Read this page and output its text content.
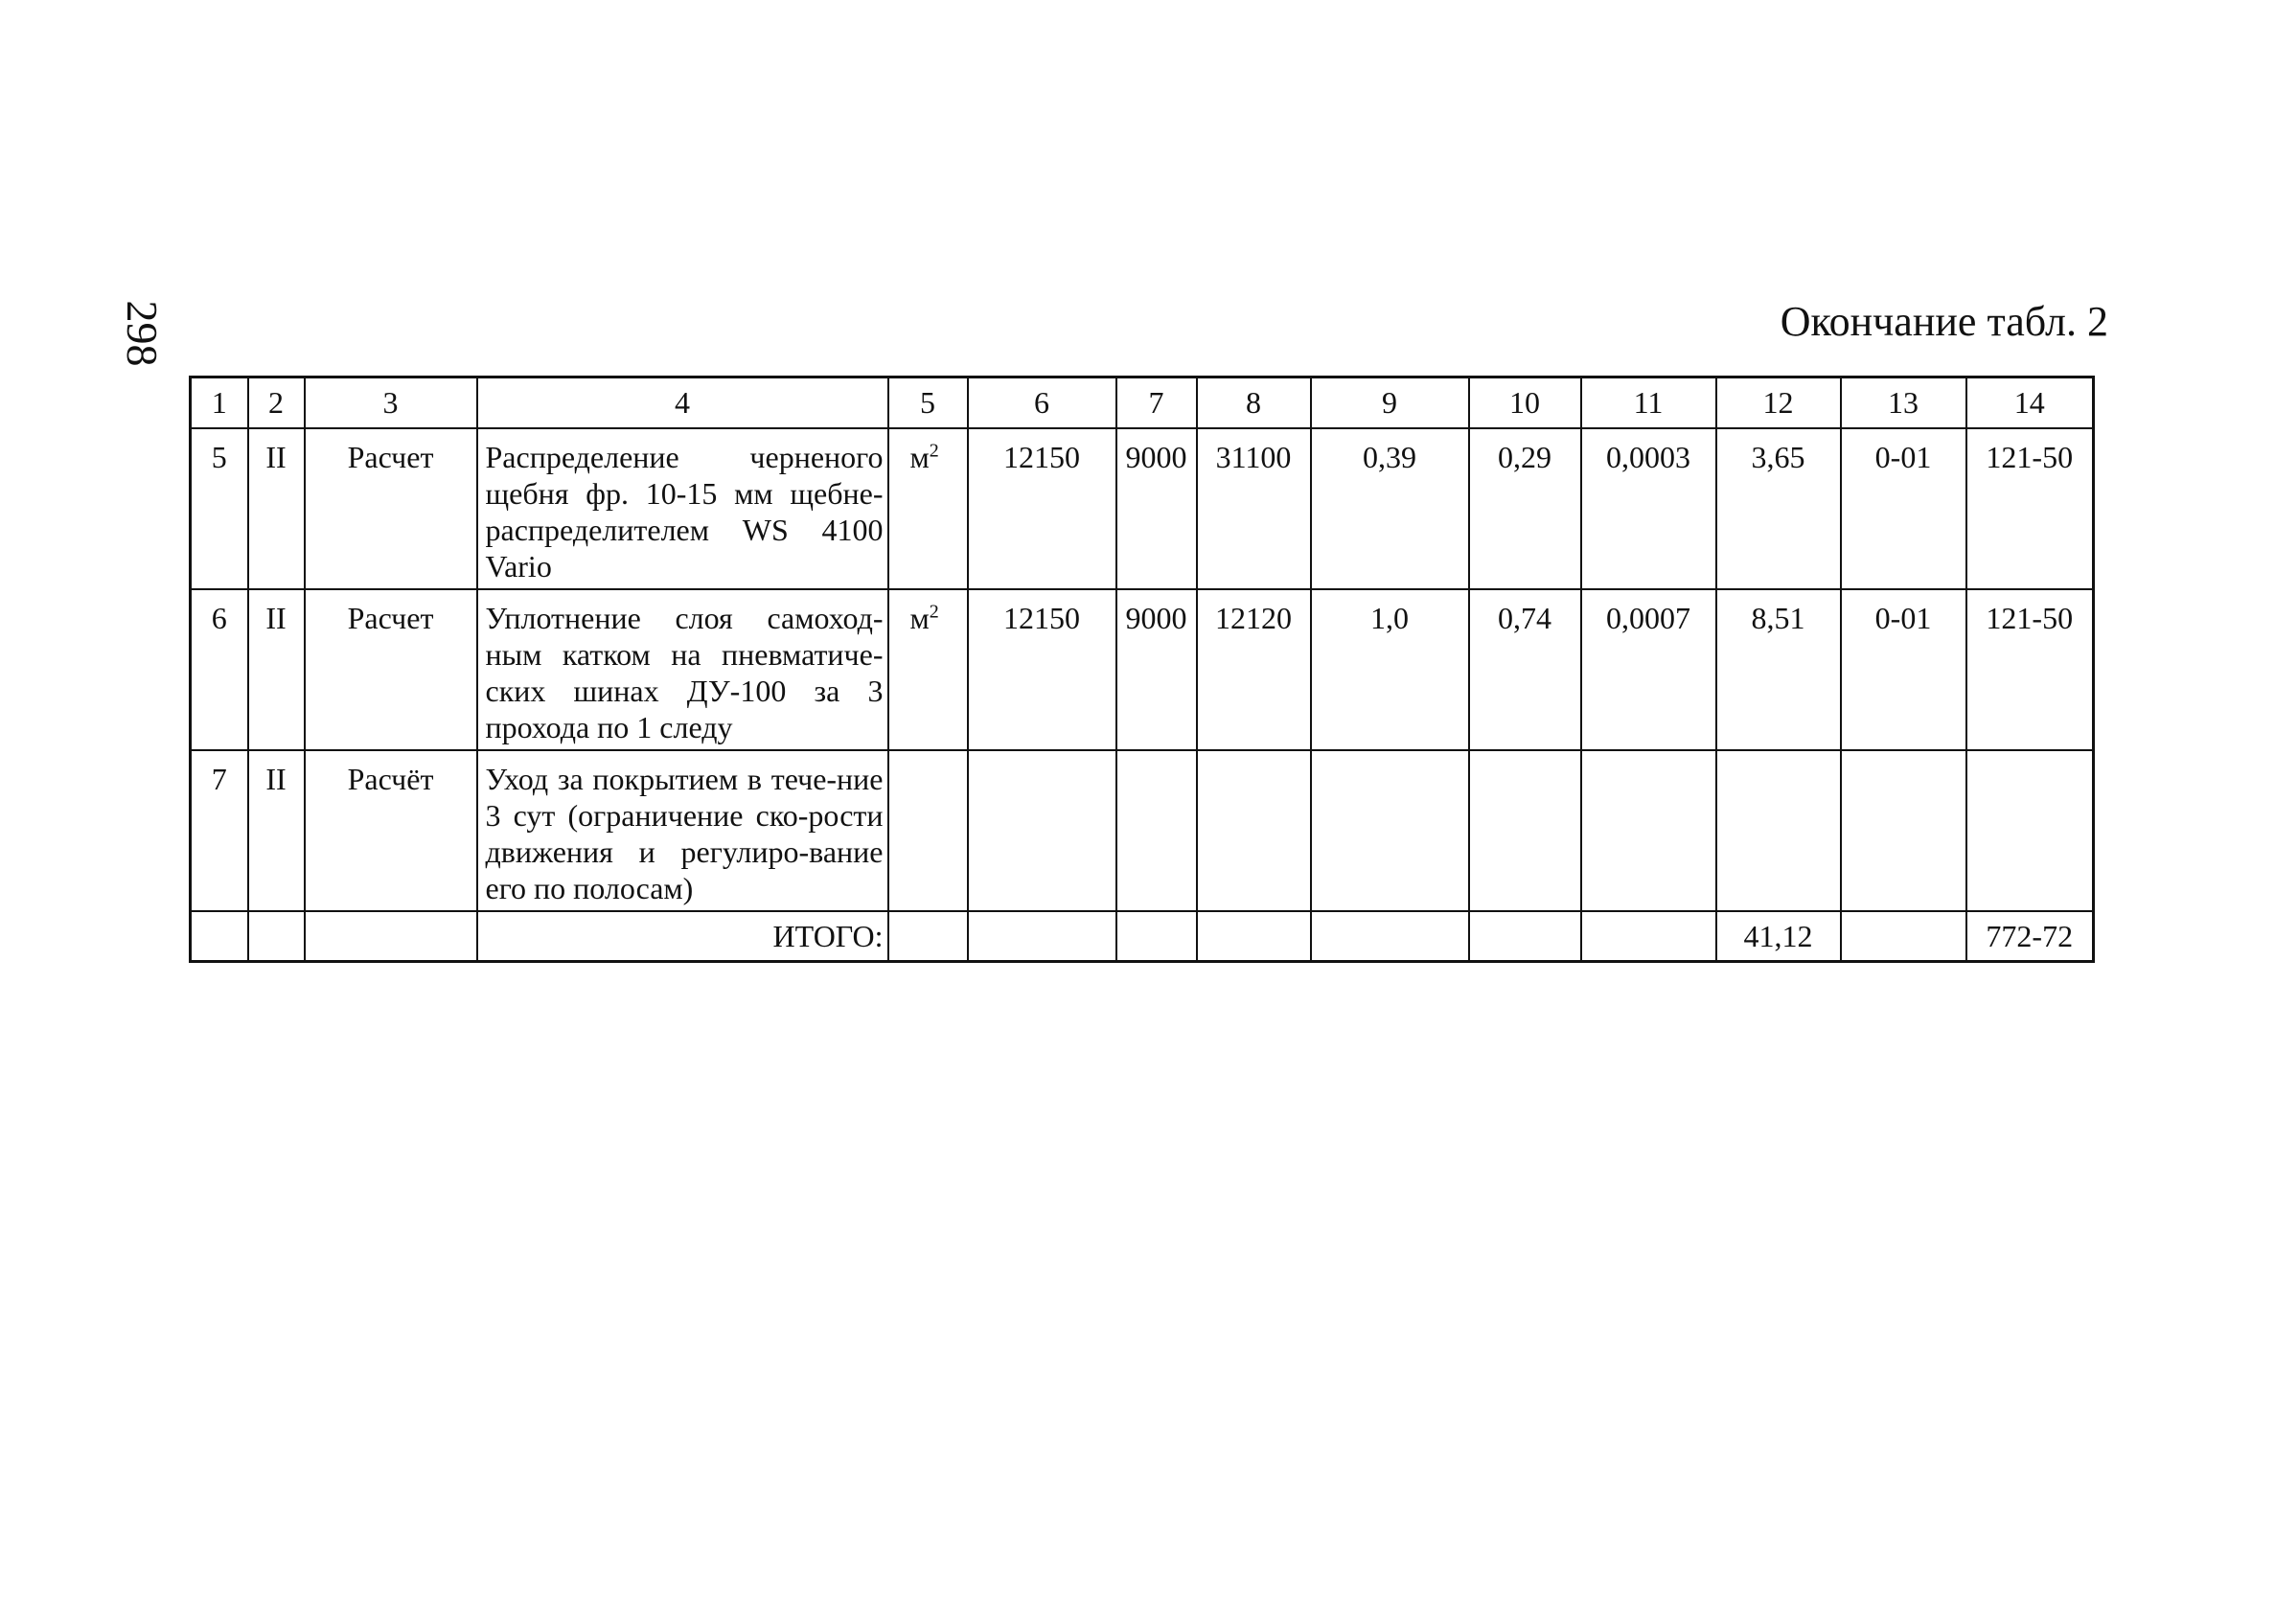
298	Окончание табл. 2
1	2	3	4	5	6	7	8	9	10	11	12	13	14
5	II	Расчет	Распределение черненого щебня фр. 10-15 мм щебне-распределителем WS 4100 Vario	$м^2$	12150	9000	31100	0,39	0,29	0,0003	3,65	0-01	121-50
6	II	Расчет	Уплотнение слоя самоход-ным катком на пневматиче-ских шинах ДУ-100 за 3 прохода по 1 следу	$м^2$	12150	9000	12120	1,0	0,74	0,0007	8,51	0-01	121-50
7	II	Расчёт	Уход за покрытием в тече-ние 3 сут (ограничение ско-рости движения и регулиро-вание его по полосам)										
			ИТОГО:								41,12		772-72
